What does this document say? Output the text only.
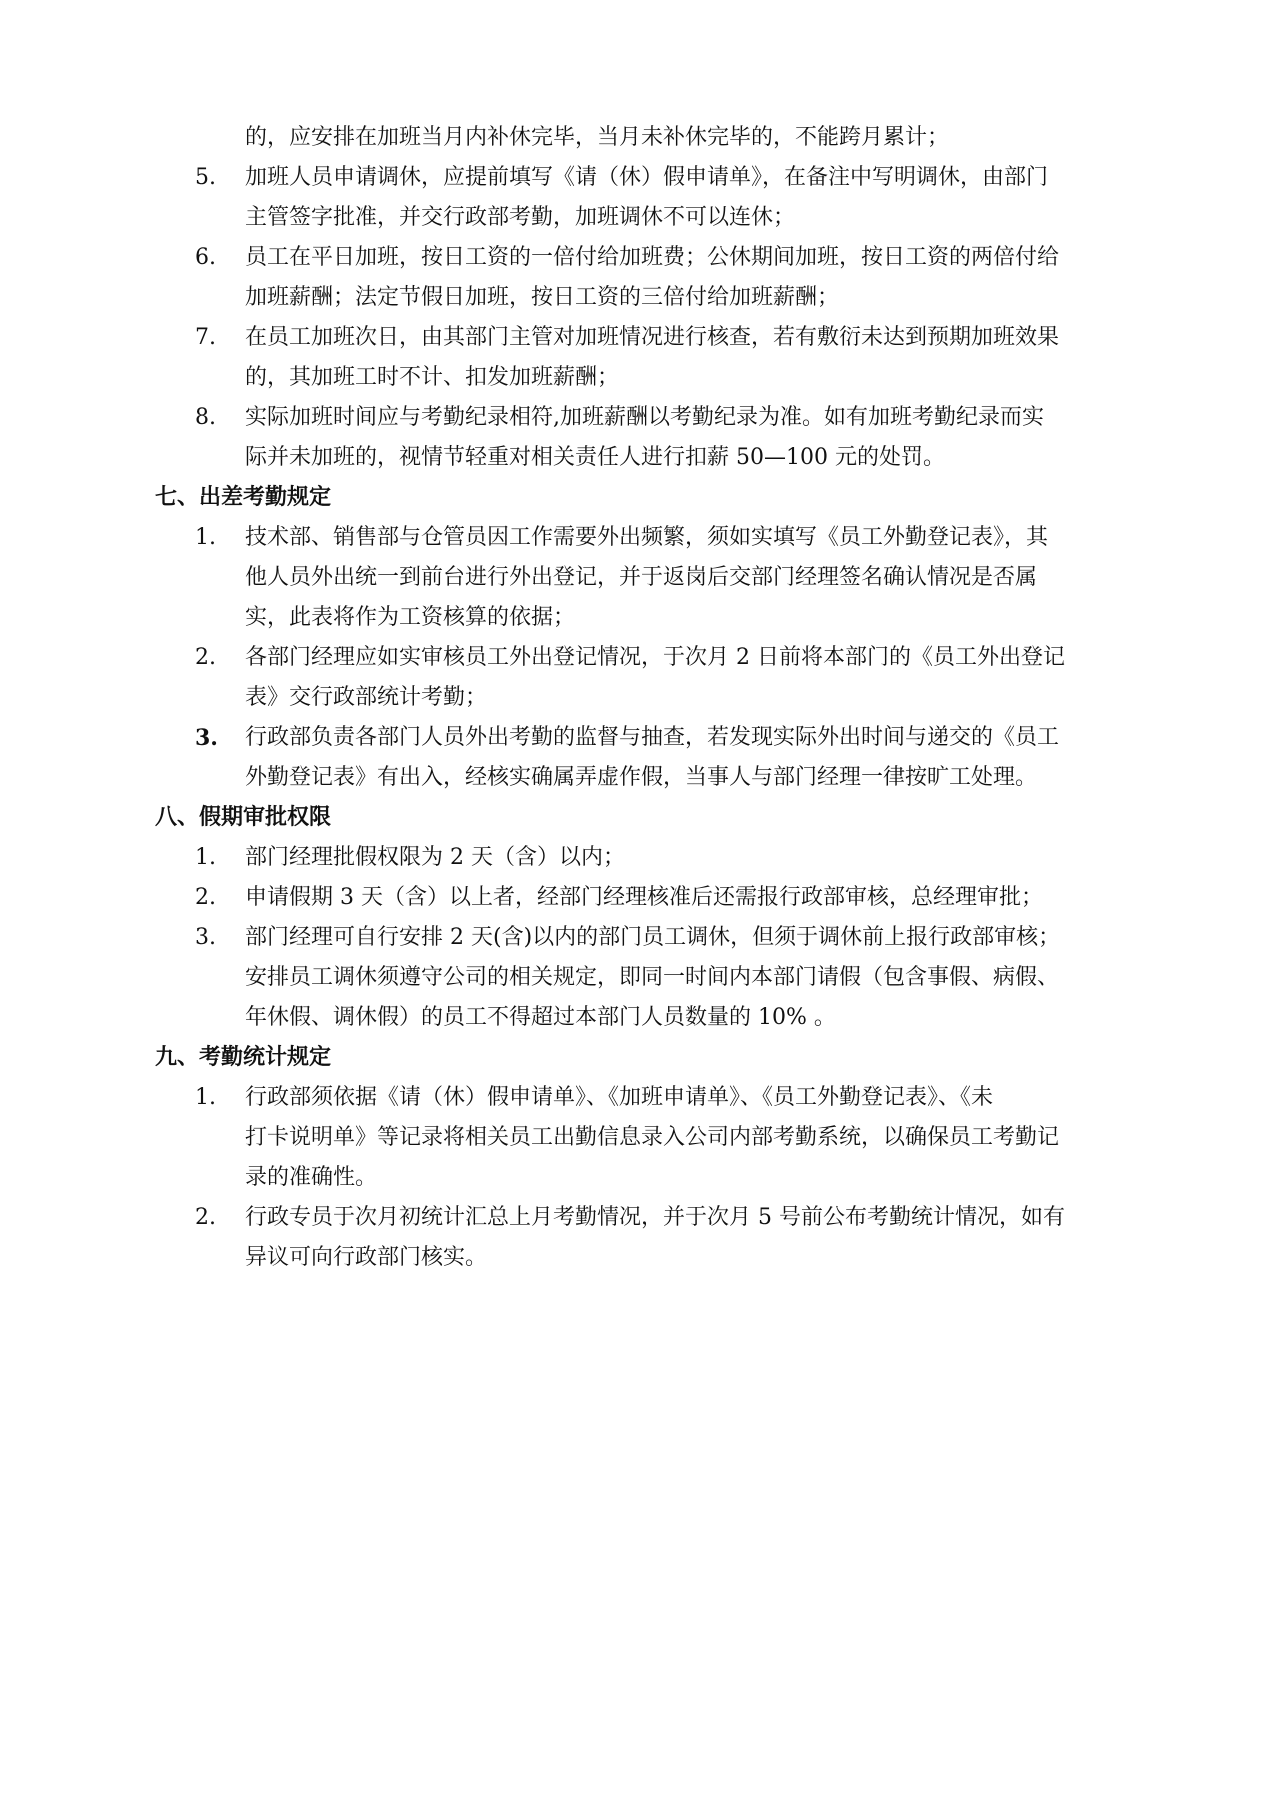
的，应安排在加班当月内补休完毕，当月未补休完毕的，不能跨月累计；
5.	加班人员申请调休，应提前填写《请（休）假申请单》，在备注中写明调休，由部门
主管签字批准，并交行政部考勤，加班调休不可以连休；
6.	员工在平日加班，按日工资的一倍付给加班费；公休期间加班，按日工资的两倍付给
加班薪酬；法定节假日加班，按日工资的三倍付给加班薪酬；
7.	在员工加班次日，由其部门主管对加班情况进行核查，若有敷衍未达到预期加班效果
的，其加班工时不计、扣发加班薪酬；
8.	实际加班时间应与考勤纪录相符,加班薪酬以考勤纪录为准。如有加班考勤纪录而实
际并未加班的，视情节轻重对相关责任人进行扣薪 50—100 元的处罚。
七、出差考勤规定
1.	技术部、销售部与仓管员因工作需要外出频繁，须如实填写《员工外勤登记表》，其
他人员外出统一到前台进行外出登记，并于返岗后交部门经理签名确认情况是否属
实，此表将作为工资核算的依据；
2.	各部门经理应如实审核员工外出登记情况，于次月 2 日前将本部门的《员工外出登记
表》交行政部统计考勤；
3.	行政部负责各部门人员外出考勤的监督与抽查，若发现实际外出时间与递交的《员工
外勤登记表》有出入，经核实确属弄虚作假，当事人与部门经理一律按旷工处理。
八、假期审批权限
1.	部门经理批假权限为 2 天（含）以内；
2.	申请假期 3 天（含）以上者，经部门经理核准后还需报行政部审核，总经理审批；
3.	部门经理可自行安排 2 天(含)以内的部门员工调休，但须于调休前上报行政部审核；
安排员工调休须遵守公司的相关规定，即同一时间内本部门请假（包含事假、病假、
年休假、调休假）的员工不得超过本部门人员数量的 10% 。
九、考勤统计规定
1.	行政部须依据《请（休）假申请单》、《加班申请单》、《员工外勤登记表》、《未
打卡说明单》等记录将相关员工出勤信息录入公司内部考勤系统，以确保员工考勤记
录的准确性。
2.	行政专员于次月初统计汇总上月考勤情况，并于次月 5 号前公布考勤统计情况，如有
异议可向行政部门核实。
